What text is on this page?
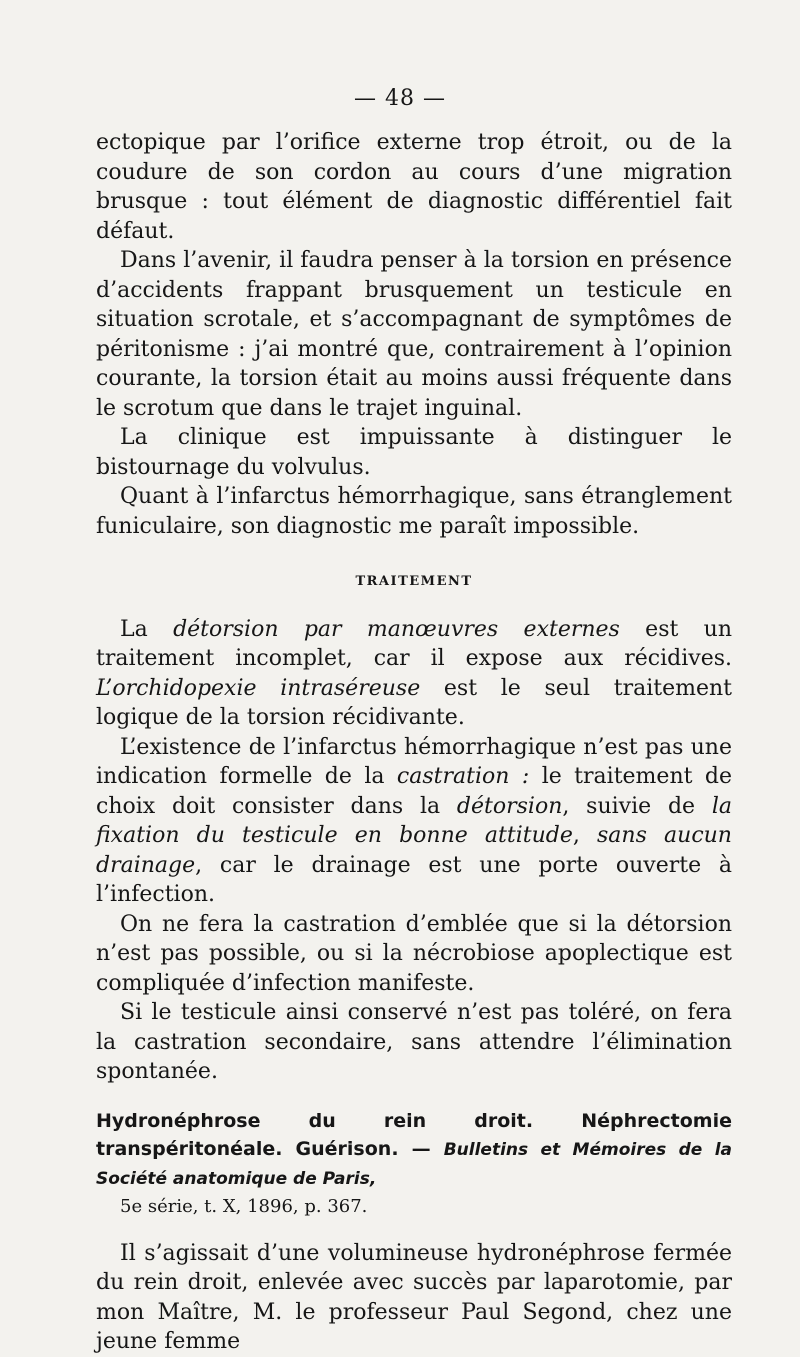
— 48 —

ectopique par l’orifice externe trop étroit, ou de la coudure de son cordon au cours d’une migration brusque : tout élément de diagnostic différentiel fait défaut.

Dans l’avenir, il faudra penser à la torsion en présence d’accidents frappant brusquement un testicule en situation scrotale, et s’accompagnant de symptômes de péritonisme : j’ai montré que, contrairement à l’opinion courante, la torsion était au moins aussi fréquente dans le scrotum que dans le trajet inguinal.

La clinique est impuissante à distinguer le bistournage du volvulus.

Quant à l’infarctus hémorrhagique, sans étranglement funiculaire, son diagnostic me paraît impossible.

TRAITEMENT

La détorsion par manœuvres externes est un traitement incomplet, car il expose aux récidives. L’orchidopexie intraséreuse est le seul traitement logique de la torsion récidivante.

L’existence de l’infarctus hémorrhagique n’est pas une indication formelle de la castration : le traitement de choix doit consister dans la détorsion, suivie de la fixation du testicule en bonne attitude, sans aucun drainage, car le drainage est une porte ouverte à l’infection.

On ne fera la castration d’emblée que si la détorsion n’est pas possible, ou si la nécrobiose apoplectique est compliquée d’infection manifeste.

Si le testicule ainsi conservé n’est pas toléré, on fera la castration secondaire, sans attendre l’élimination spontanée.

Hydronéphrose du rein droit. Néphrectomie transpéritonéale. Guérison. — Bulletins et Mémoires de la Société anatomique de Paris,
5e série, t. X, 1896, p. 367.

Il s’agissait d’une volumineuse hydronéphrose fermée du rein droit, enlevée avec succès par laparotomie, par mon Maître, M. le professeur Paul Segond, chez une jeune femme
